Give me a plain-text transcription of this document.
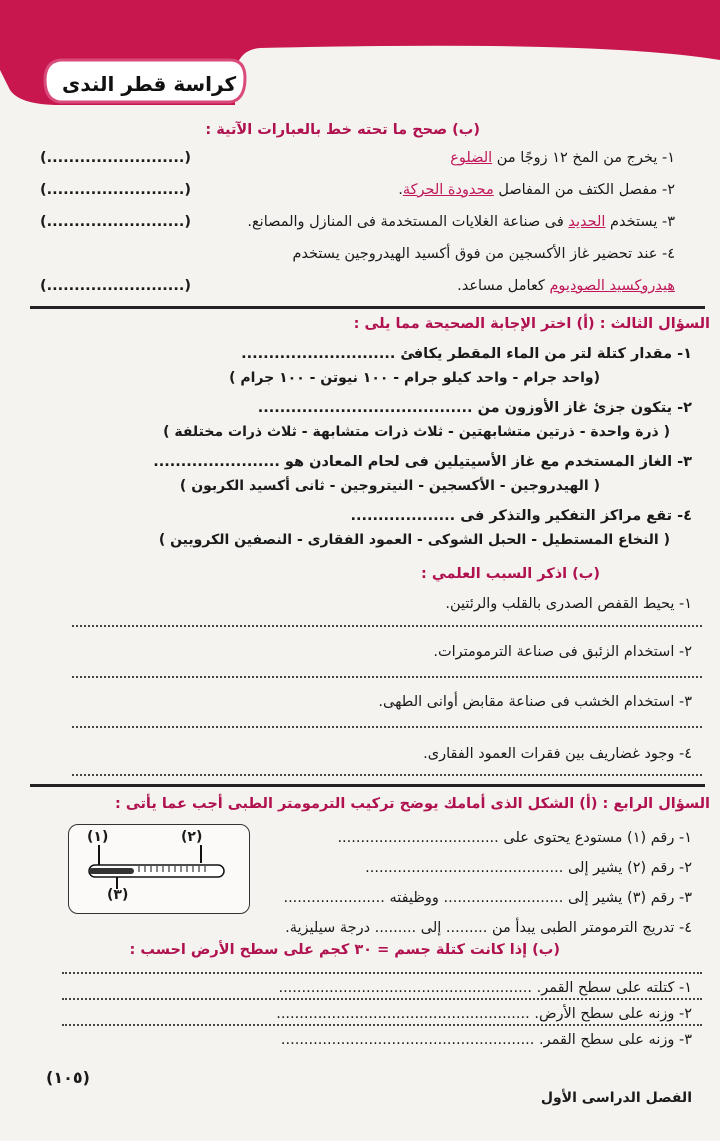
كراسة قطر الندى
(ب) صحح ما تحته خط بالعبارات الآتية :
١- يخرج من المخ ١٢ زوجًا من الضلوع
(.........................)
٢- مفصل الكتف من المفاصل محدودة الحركة.
(.........................)
٣- يستخدم الحديد فى صناعة الغلايات المستخدمة فى المنازل والمصانع.
(.........................)
٤- عند تحضير غاز الأكسجين من فوق أكسيد الهيدروجين يستخدم
هيدروكسيد الصوديوم كعامل مساعد.
(.........................)
السؤال الثالث : (أ) اختر الإجابة الصحيحة مما يلى :
١- مقدار كتلة لتر من الماء المقطر يكافئ ............................
(واحد جرام - واحد كيلو جرام - ١٠٠ نيوتن - ١٠٠ جرام )
٢- يتكون جزئ غاز الأوزون من .......................................
( ذرة واحدة - ذرتين متشابهتين - ثلاث ذرات متشابهة - ثلاث ذرات مختلفة )
٣- الغاز المستخدم مع غاز الأسيتيلين فى لحام المعادن هو .......................
( الهيدروجين - الأكسجين - النيتروجين - ثانى أكسيد الكربون )
٤- تقع مراكز التفكير والتذكر فى ...................
( النخاع المستطيل - الحبل الشوكى - العمود الفقارى - النصفين الكرويين )
(ب) اذكر السبب العلمي :
١- يحيط القفص الصدرى بالقلب والرئتين.
٢- استخدام الزئبق فى صناعة الترمومترات.
٣- استخدام الخشب فى صناعة مقابض أوانى الطهى.
٤- وجود غضاريف بين فقرات العمود الفقارى.
السؤال الرابع : (أ) الشكل الذى أمامك يوضح تركيب الترمومتر الطبى أجب عما يأتى :
١- رقم (١) مستودع يحتوى على ...................................
٢- رقم (٢) يشير إلى ...........................................
٣- رقم (٣) يشير إلى .......................... ووظيفته ......................
٤- تدريج الترمومتر الطبى يبدأ من ......... إلى ......... درجة سيليزية.
(ب) إذا كانت كتلة جسم = ٣٠ كجم على سطح الأرض احسب :
١- كتلته على سطح القمر. .......................................................
٢- وزنه على سطح الأرض. .......................................................
٣- وزنه على سطح القمر. .......................................................
(١)	(٢)
(٣)
(١٠٥)
الفصل الدراسى الأول
